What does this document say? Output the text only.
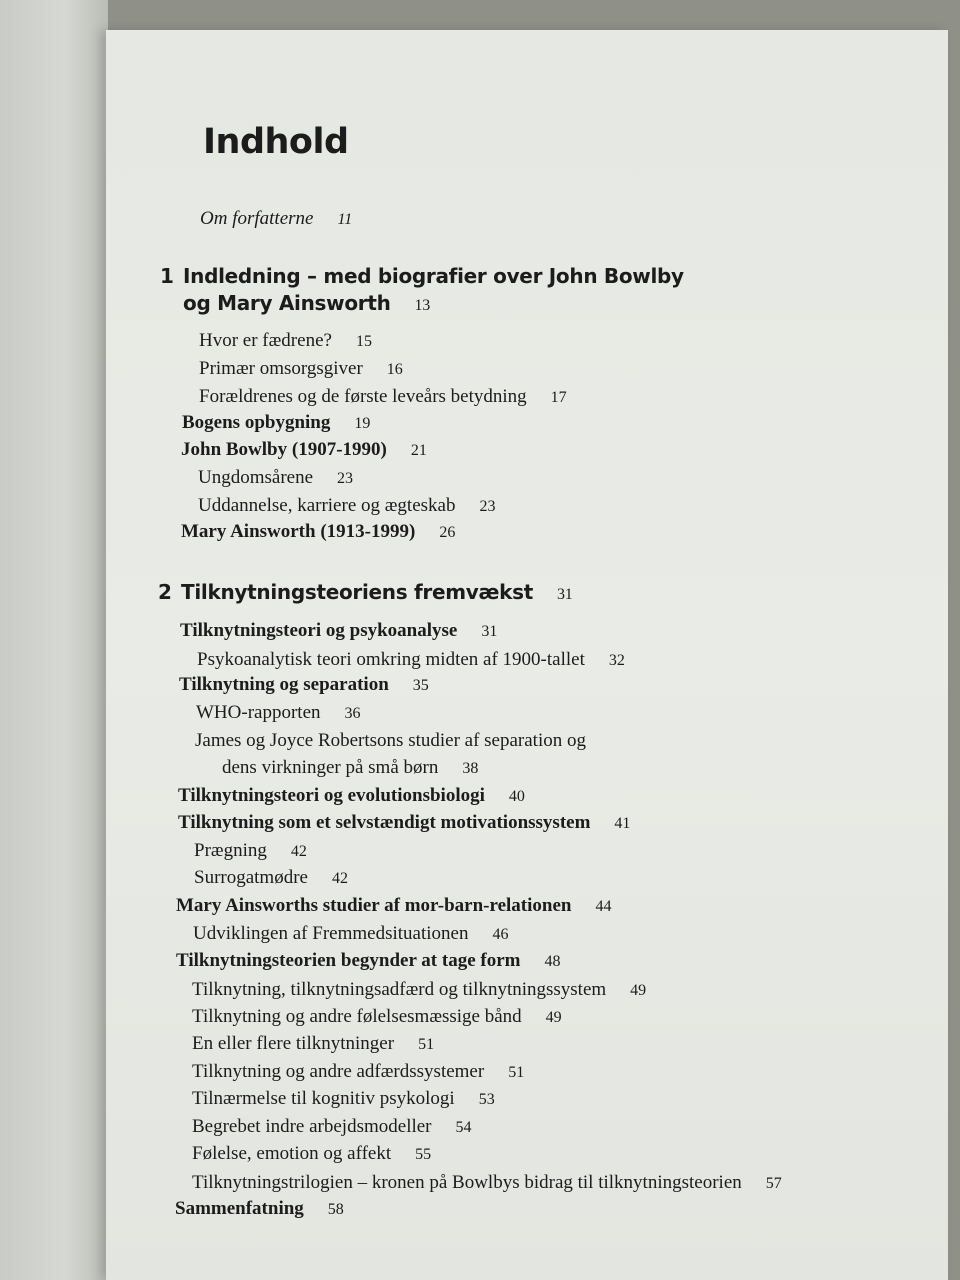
Indhold
Om forfatterne 11
1 Indledning – med biografier over John Bowlby
og Mary Ainsworth 13
Hvor er fædrene? 15
Primær omsorgsgiver 16
Forældrenes og de første leveårs betydning 17
Bogens opbygning 19
John Bowlby (1907-1990) 21
Ungdomsårene 23
Uddannelse, karriere og ægteskab 23
Mary Ainsworth (1913-1999) 26
2 Tilknytningsteoriens fremvækst 31
Tilknytningsteori og psykoanalyse 31
Psykoanalytisk teori omkring midten af 1900-tallet 32
Tilknytning og separation 35
WHO-rapporten 36
James og Joyce Robertsons studier af separation og
dens virkninger på små børn 38
Tilknytningsteori og evolutionsbiologi 40
Tilknytning som et selvstændigt motivationssystem 41
Prægning 42
Surrogatmødre 42
Mary Ainsworths studier af mor-barn-relationen 44
Udviklingen af Fremmedsituationen 46
Tilknytningsteorien begynder at tage form 48
Tilknytning, tilknytningsadfærd og tilknytningssystem 49
Tilknytning og andre følelsesmæssige bånd 49
En eller flere tilknytninger 51
Tilknytning og andre adfærdssystemer 51
Tilnærmelse til kognitiv psykologi 53
Begrebet indre arbejdsmodeller 54
Følelse, emotion og affekt 55
Tilknytningstrilogien – kronen på Bowlbys bidrag til tilknytningsteorien 57
Sammenfatning 58
